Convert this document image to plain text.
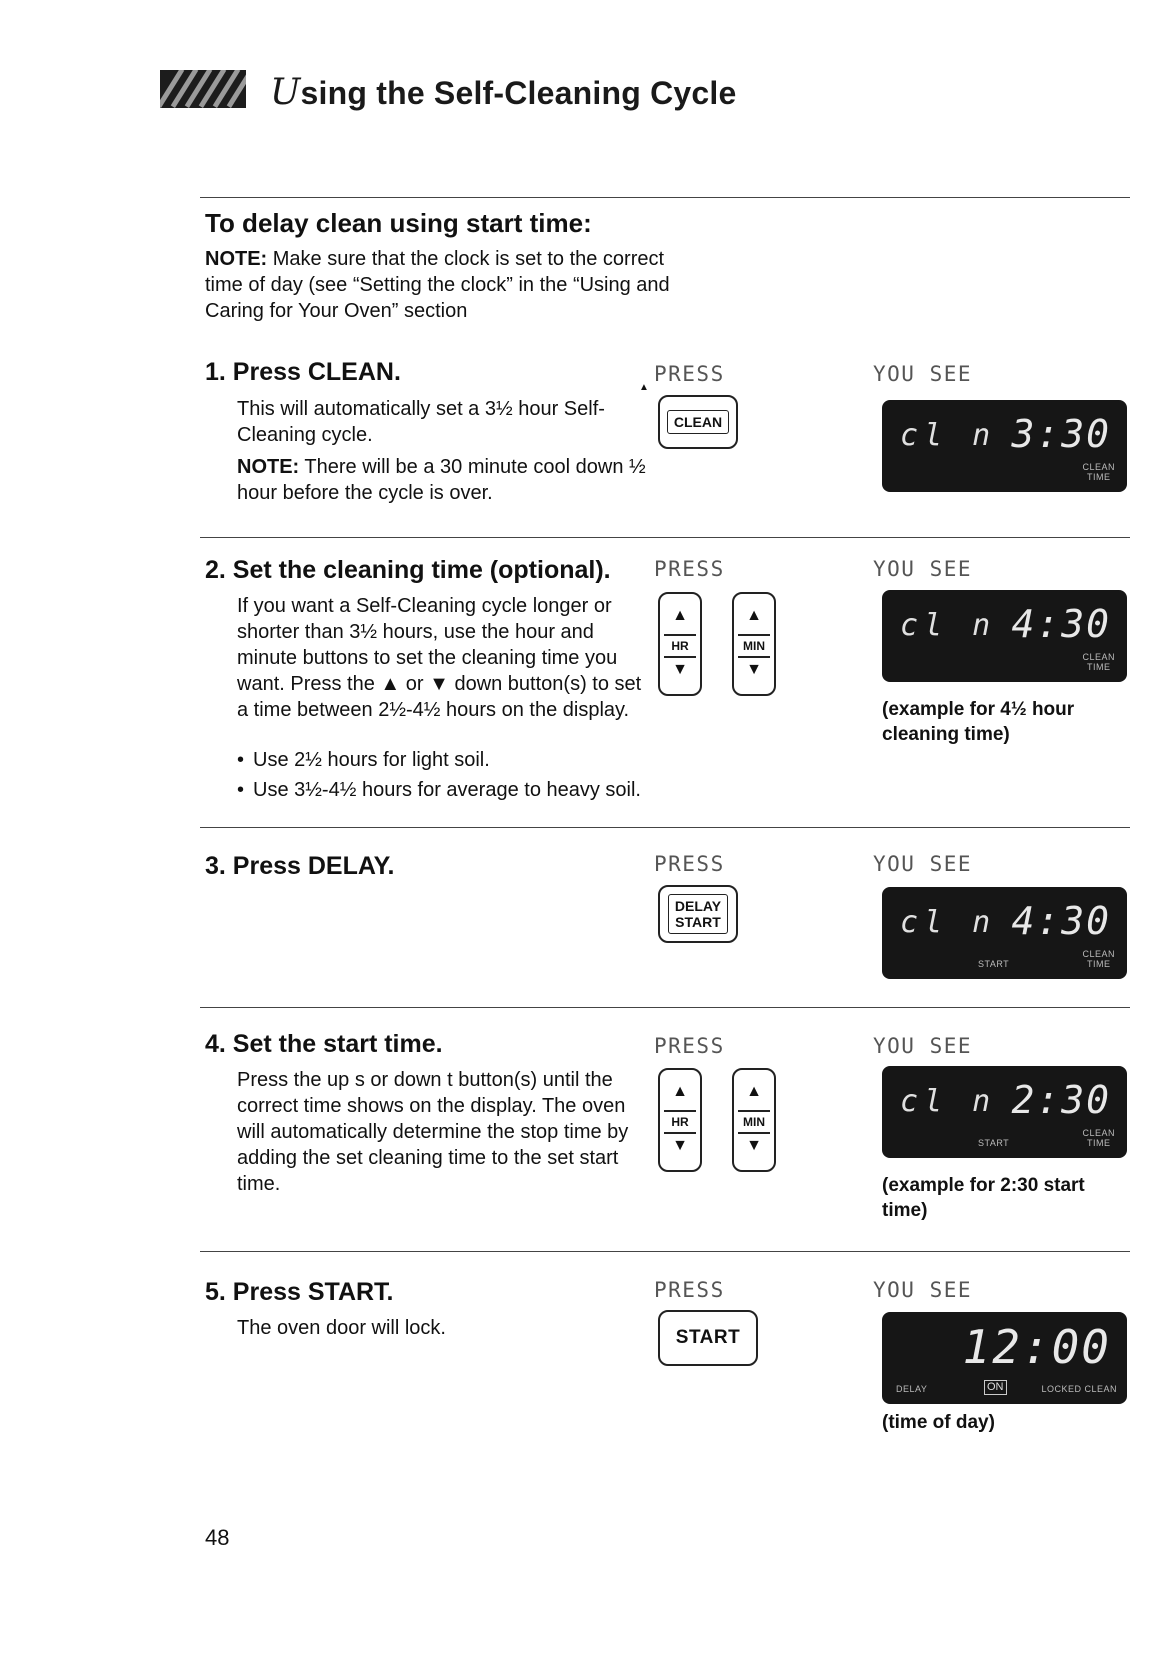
Using the Self-Cleaning Cycle
To delay clean using start time:
NOTE: Make sure that the clock is set to the correct time of day (see “Setting the clock” in the “Using and Caring for Your Oven” section
1. Press CLEAN.

This will automatically set a 3½ hour Self-Cleaning cycle.

NOTE: There will be a 30 minute cool down ½ hour before the cycle is over.

▲
PRESS
CLEAN
YOU SEE
cl n 3:30
CLEAN
TIME
2. Set the cleaning time (optional).

If you want a Self-Cleaning cycle longer or shorter than 3½ hours, use the hour and minute buttons to set the cleaning time you want. Press the ▲ or ▼ down button(s) to set a time between 2½-4½ hours on the display.

• Use 2½ hours for light soil.
• Use 3½-4½ hours for average to heavy soil.
PRESS
▲
HR
▼
▲
MIN
▼
YOU SEE
cl n 4:30
CLEAN
TIME
(example for 4½ hour cleaning time)
3. Press DELAY.	PRESS
DELAY
START
YOU SEE
cl n 4:30
START
CLEAN
TIME
4. Set the start time.

Press the up s or down t button(s) until the correct time shows on the display. The oven will automatically determine the stop time by adding the set cleaning time to the set start time.

PRESS
▲
HR
▼
▲
MIN
▼
YOU SEE
cl n 2:30
START
CLEAN
TIME
(example for 2:30 start time)
5. Press START.

The oven door will lock.

PRESS
START
YOU SEE
12:00
DELAY	ON	LOCKED CLEAN
(time of day)
48
